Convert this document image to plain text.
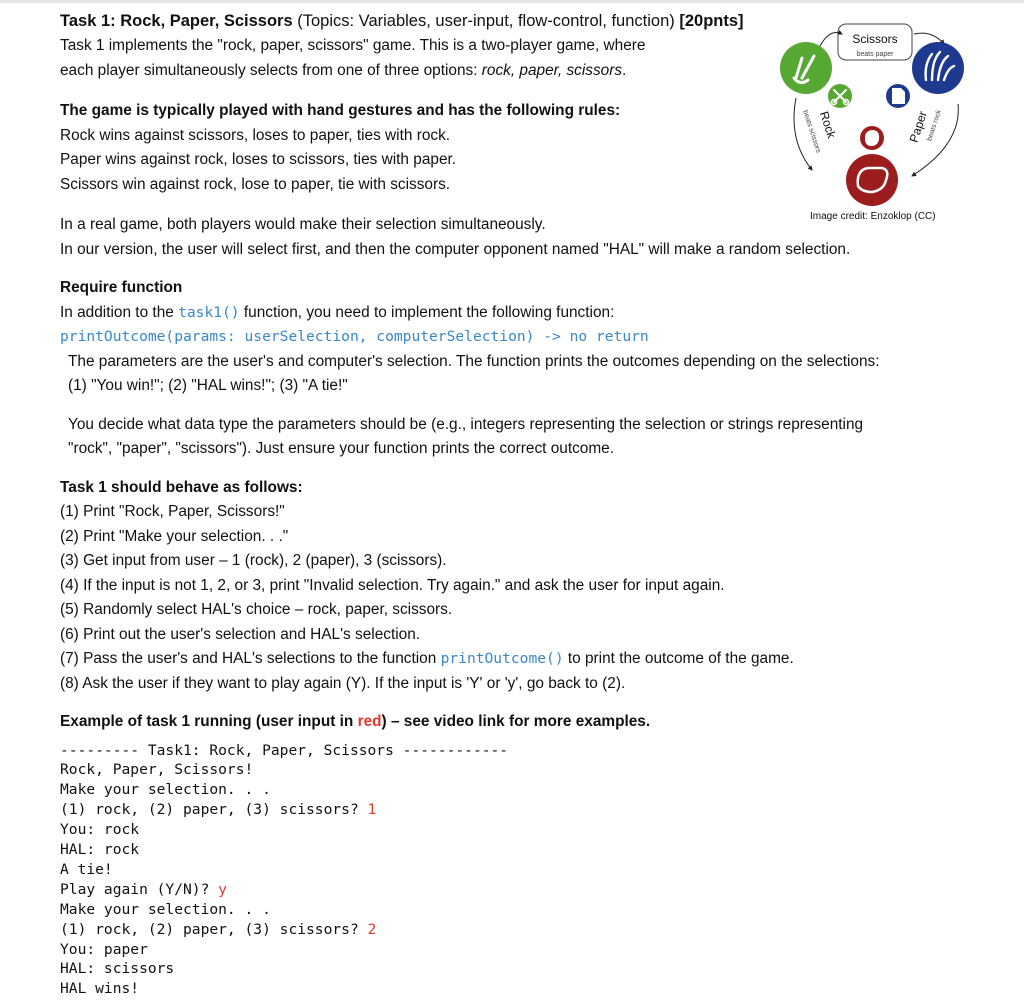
Task 1: Rock, Paper, Scissors (Topics: Variables, user-input, flow-control, function) [20pnts]
Task 1 implements the "rock, paper, scissors" game. This is a two-player game, where
each player simultaneously selects from one of three options: rock, paper, scissors.
The game is typically played with hand gestures and has the following rules:
Rock wins against scissors, loses to paper, ties with rock.
Paper wins against rock, loses to scissors, ties with paper.
Scissors win against rock, lose to paper, tie with scissors.
In a real game, both players would make their selection simultaneously.
In our version, the user will select first, and then the computer opponent named "HAL" will make a random selection.
Require function
In addition to the task1() function, you need to implement the following function:
printOutcome(params: userSelection, computerSelection) -> no return
The parameters are the user's and computer's selection. The function prints the outcomes depending on the selections:
(1) "You win!"; (2) "HAL wins!"; (3) "A tie!"
You decide what data type the parameters should be (e.g., integers representing the selection or strings representing
"rock", "paper", "scissors"). Just ensure your function prints the correct outcome.
Task 1 should behave as follows:
(1) Print "Rock, Paper, Scissors!"
(2) Print "Make your selection. . ."
(3) Get input from user – 1 (rock), 2 (paper), 3 (scissors).
(4) If the input is not 1, 2, or 3, print "Invalid selection. Try again." and ask the user for input again.
(5) Randomly select HAL's choice – rock, paper, scissors.
(6) Print out the user's selection and HAL's selection.
(7) Pass the user's and HAL's selections to the function printOutcome() to print the outcome of the game.
(8) Ask the user if they want to play again (Y). If the input is 'Y' or 'y', go back to (2).
Example of task 1 running (user input in red) – see video link for more examples.
--------- Task1: Rock, Paper, Scissors ------------
Rock, Paper, Scissors!
Make your selection. . .
(1) rock, (2) paper, (3) scissors? 1
You: rock
HAL: rock
A tie!
Play again (Y/N)? y
Make your selection. . .
(1) rock, (2) paper, (3) scissors? 2
You: paper
HAL: scissors
HAL wins!
Scissors
beats paper
Rock
beats scissors	Paper
beats rock
Image credit: Enzoklop (CC)
